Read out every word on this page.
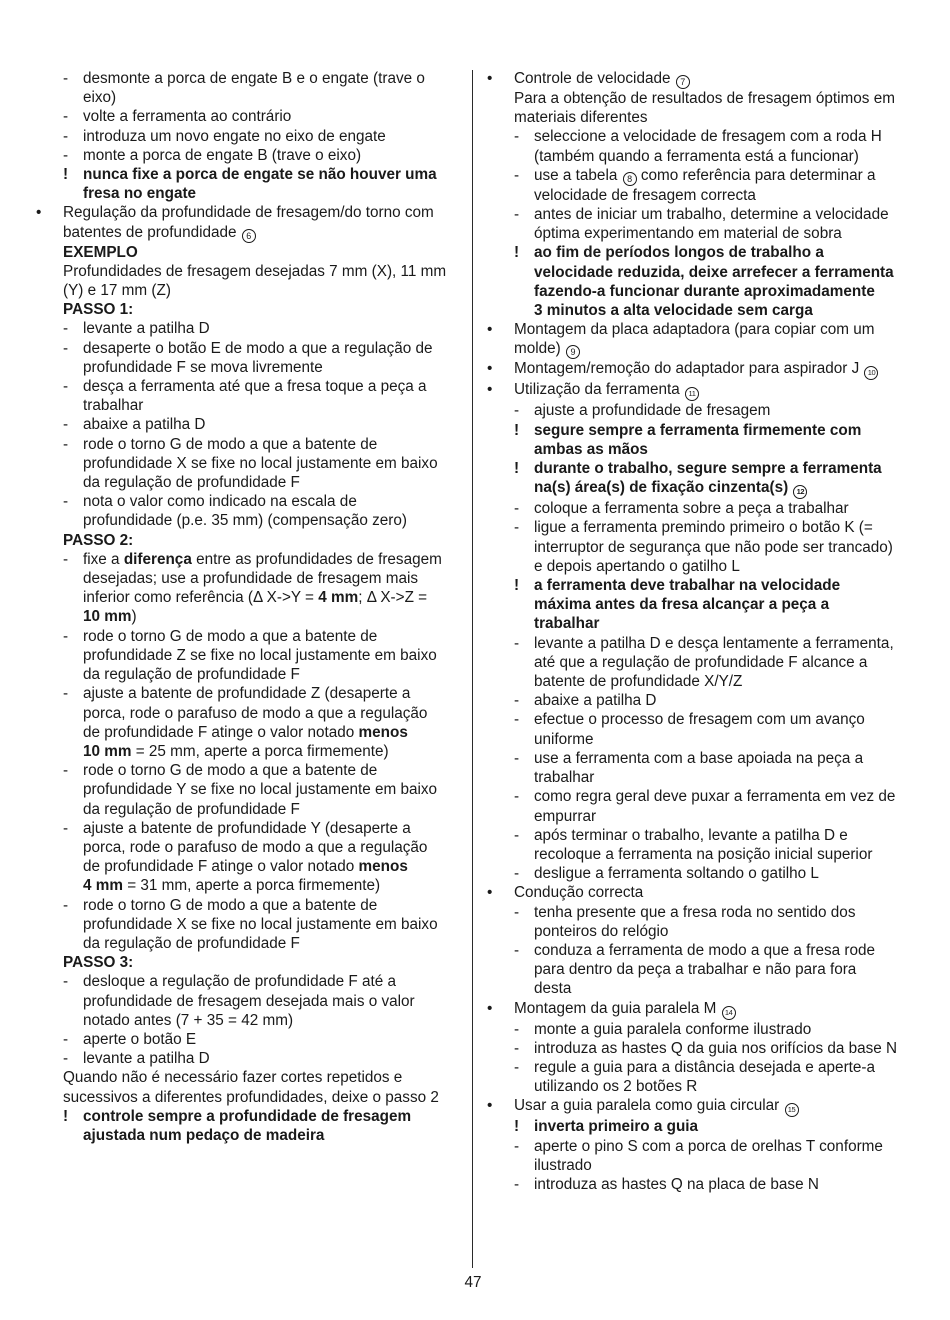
- desmonte a porca de engate B e o engate (trave o
eixo)
- volte a ferramenta ao contrário
- introduza um novo engate no eixo de engate
- monte a porca de engate B (trave o eixo)
! nunca fixe a porca de engate se não houver uma
fresa no engate
• Regulação da profundidade de fresagem/do torno com
batentes de profundidade 6
EXEMPLO
Profundidades de fresagem desejadas 7 mm (X), 11 mm
(Y) e 17 mm (Z)
PASSO 1:
- levante a patilha D
- desaperte o botão E de modo a que a regulação de
profundidade F se mova livremente
- desça a ferramenta até que a fresa toque a peça a
trabalhar
- abaixe a patilha D
- rode o torno G de modo a que a batente de
profundidade X se fixe no local justamente em baixo
da regulação de profundidade F
- nota o valor como indicado na escala de
profundidade (p.e. 35 mm) (compensação zero)
PASSO 2:
- fixe a diferença entre as profundidades de fresagem
desejadas; use a profundidade de fresagem mais
inferior como referência (Δ X->Y = 4 mm; Δ X->Z =
10 mm)
- rode o torno G de modo a que a batente de
profundidade Z se fixe no local justamente em baixo
da regulação de profundidade F
- ajuste a batente de profundidade Z (desaperte a
porca, rode o parafuso de modo a que a regulação
de profundidade F atinge o valor notado menos
10 mm = 25 mm, aperte a porca firmemente)
- rode o torno G de modo a que a batente de
profundidade Y se fixe no local justamente em baixo
da regulação de profundidade F
- ajuste a batente de profundidade Y (desaperte a
porca, rode o parafuso de modo a que a regulação
de profundidade F atinge o valor notado menos
4 mm = 31 mm, aperte a porca firmemente)
- rode o torno G de modo a que a batente de
profundidade X se fixe no local justamente em baixo
da regulação de profundidade F
PASSO 3:
- desloque a regulação de profundidade F até a
profundidade de fresagem desejada mais o valor
notado antes (7 + 35 = 42 mm)
- aperte o botão E
- levante a patilha D
Quando não é necessário fazer cortes repetidos e
sucessivos a diferentes profundidades, deixe o passo 2
! controle sempre a profundidade de fresagem
ajustada num pedaço de madeira
• Controle de velocidade 7
Para a obtenção de resultados de fresagem óptimos em
materiais diferentes
- seleccione a velocidade de fresagem com a roda H
(também quando a ferramenta está a funcionar)
- use a tabela 8 como referência para determinar a
velocidade de fresagem correcta
- antes de iniciar um trabalho, determine a velocidade
óptima experimentando em material de sobra
! ao fim de períodos longos de trabalho a
velocidade reduzida, deixe arrefecer a ferramenta
fazendo-a funcionar durante aproximadamente
3 minutos a alta velocidade sem carga
• Montagem da placa adaptadora (para copiar com um
molde) 9
• Montagem/remoção do adaptador para aspirador J 10
• Utilização da ferramenta 11
- ajuste a profundidade de fresagem
! segure sempre a ferramenta firmemente com
ambas as mãos
! durante o trabalho, segure sempre a ferramenta
na(s) área(s) de fixação cinzenta(s) 12
- coloque a ferramenta sobre a peça a trabalhar
- ligue a ferramenta premindo primeiro o botão K (=
interruptor de segurança que não pode ser trancado)
e depois apertando o gatilho L
! a ferramenta deve trabalhar na velocidade
máxima antes da fresa alcançar a peça a
trabalhar
- levante a patilha D e desça lentamente a ferramenta,
até que a regulação de profundidade F alcance a
batente de profundidade X/Y/Z
- abaixe a patilha D
- efectue o processo de fresagem com um avanço
uniforme
- use a ferramenta com a base apoiada na peça a
trabalhar
- como regra geral deve puxar a ferramenta em vez de
empurrar
- após terminar o trabalho, levante a patilha D e
recoloque a ferramenta na posição inicial superior
- desligue a ferramenta soltando o gatilho L
• Condução correcta
- tenha presente que a fresa roda no sentido dos
ponteiros do relógio
- conduza a ferramenta de modo a que a fresa rode
para dentro da peça a trabalhar e não para fora
desta
• Montagem da guia paralela M 14
- monte a guia paralela conforme ilustrado
- introduza as hastes Q da guia nos orifícios da base N
- regule a guia para a distância desejada e aperte-a
utilizando os 2 botões R
• Usar a guia paralela como guia circular 15
! inverta primeiro a guia
- aperte o pino S com a porca de orelhas T conforme
ilustrado
- introduza as hastes Q na placa de base N
47
